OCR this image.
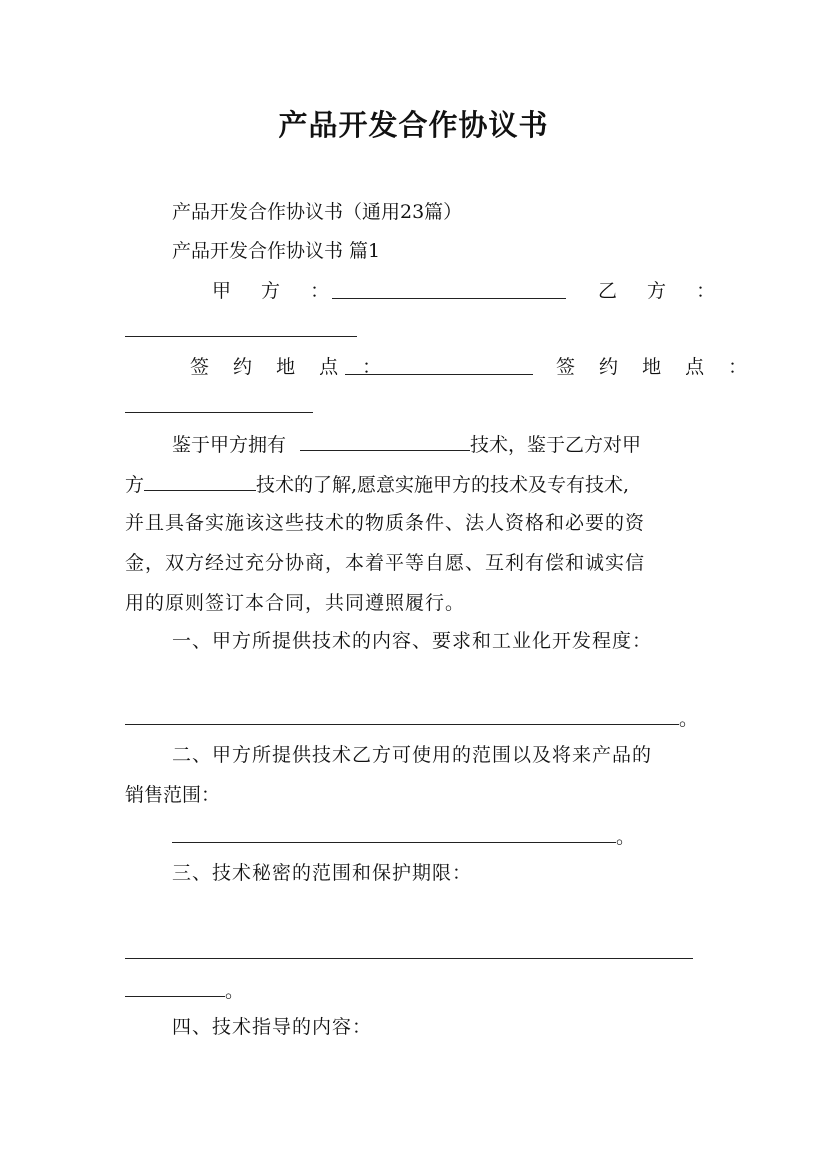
产品开发合作协议书
产品开发合作协议书（通用23篇）
产品开发合作协议书 篇1
甲 方 ：	乙 方 ：
签 约 地 点 ：	签 约 地 点 ：
鉴于甲方拥有	技术，鉴于乙方对甲
方	技术的了解,愿意实施甲方的技术及专有技术,
并且具备实施该这些技术的物质条件、法人资格和必要的资
金，双方经过充分协商，本着平等自愿、互利有偿和诚实信
用的原则签订本合同，共同遵照履行。
一、甲方所提供技术的内容、要求和工业化开发程度：
。
二、甲方所提供技术乙方可使用的范围以及将来产品的
销售范围：
。
三、技术秘密的范围和保护期限：
。
四、技术指导的内容：
